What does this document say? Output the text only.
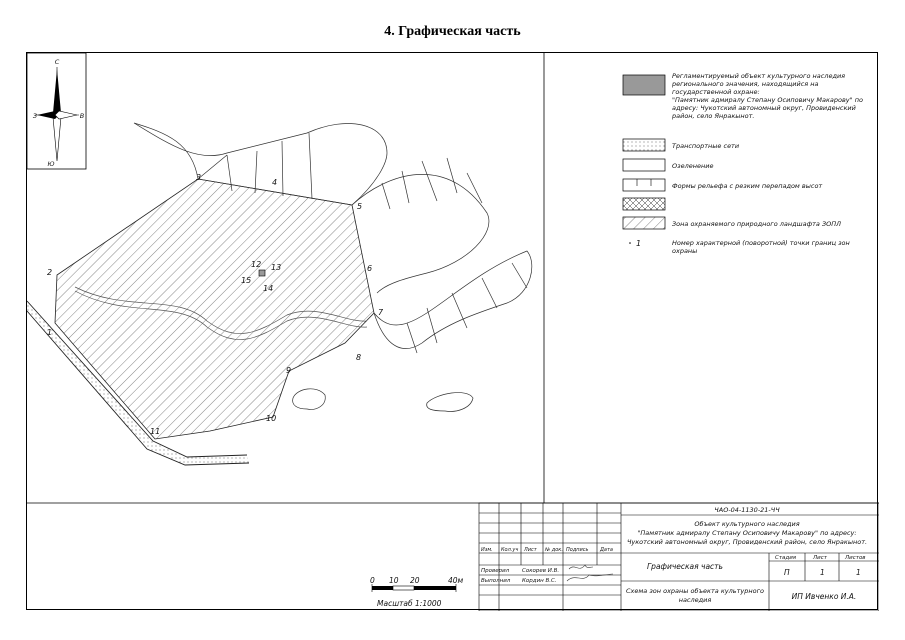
4. Графическая часть
С
Ю
З	В
1
2
3
4
5
6
7
8
9
10
11
12 13
14
15
Регламентируемый объект культурного наследия
регионального значения, находящийся на
государственной охране:
"Памятник адмиралу Степану Осиповичу Макарову" по
адресу: Чукотский автономный округ, Провиденский
район, село Янракынот.
Транспортные сети
Озеленение
Формы рельефа с резким перепадом высот
Зона охраняемого природного ландшафта ЗОПЛ
1	Номер характерной (поворотной) точки границ зон
охраны
0 10 20	40м
Масштаб 1:1000
ЧАО-04-1130-21-ЧЧ
Объект культурного наследия
"Памятник адмиралу Степану Осиповичу Макарову" по адресу:
Чукотский автономный округ, Провиденский район, село Янракынот.
Изм. Кол.уч Лист № док. Подпись Дата
Проверил Сокорев И.В.
Выполнил Кордин В.С.
Графическая часть
Стадия	Лист	Листов
П	1	1
Схема зон охраны объекта культурного
наследия	ИП Ивченко И.А.
